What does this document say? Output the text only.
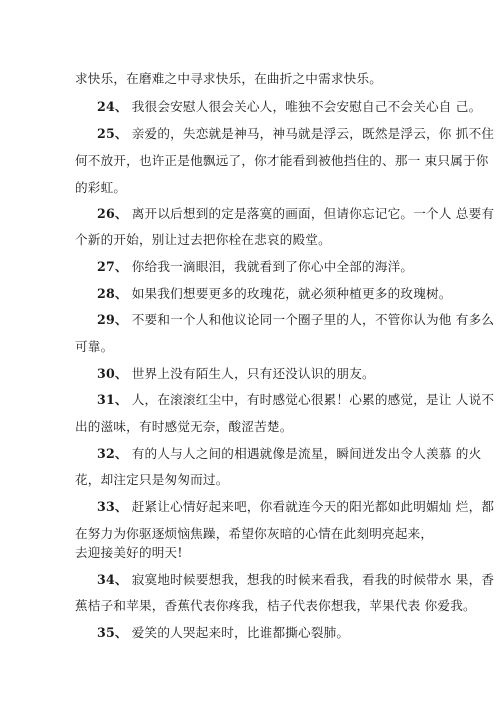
求快乐，在磨难之中寻求快乐，在曲折之中需求快乐。
24、 我很会安慰人很会关心人，唯独不会安慰自己不会关心自 己。
25、 亲爱的，失恋就是神马，神马就是浮云，既然是浮云，你 抓不住
何不放开，也许正是他飘远了，你才能看到被他挡住的、那一 束只属于你
的彩虹。
26、 离开以后想到的定是落寞的画面，但请你忘记它。一个人 总要有
个新的开始，别让过去把你栓在悲哀的殿堂。
27、 你给我一滴眼泪，我就看到了你心中全部的海洋。
28、 如果我们想要更多的玫瑰花，就必须种植更多的玫瑰树。
29、 不要和一个人和他议论同一个圈子里的人，不管你认为他 有多么
可靠。
30、 世界上没有陌生人，只有还没认识的朋友。
31、 人，在滚滚红尘中，有时感觉心很累！心累的感觉，是让 人说不
出的滋味，有时感觉无奈，酸涩苦楚。
32、 有的人与人之间的相遇就像是流星，瞬间迸发出令人羡慕 的火
花，却注定只是匆匆而过。
33、 赶紧让心情好起来吧，你看就连今天的阳光都如此明媚灿 烂，都
在努力为你驱逐烦恼焦躁，希望你灰暗的心情在此刻明亮起来，
去迎接美好的明天!
34、 寂寞地时候要想我，想我的时候来看我，看我的时候带水 果，香
蕉桔子和苹果，香蕉代表你疼我，桔子代表你想我，苹果代表 你爱我。
35、 爱笑的人哭起来时，比谁都撕心裂肺。
